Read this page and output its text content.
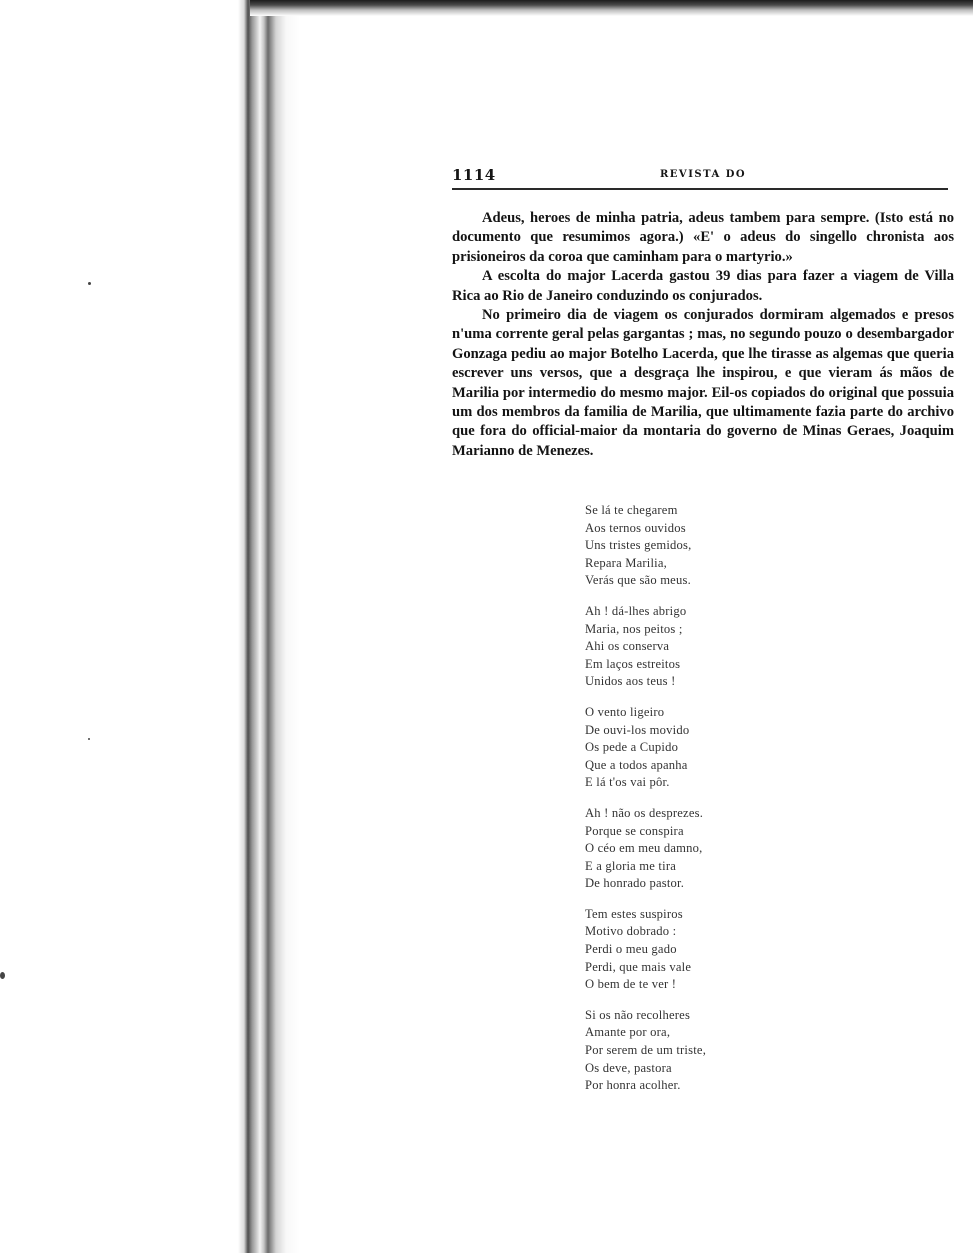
1114	REVISTA DO

Adeus, heroes de minha patria, adeus tambem para sempre. (Isto está no documento que resumimos agora.) «E' o adeus do singello chronista aos prisioneiros da coroa que caminham para o martyrio.»

A escolta do major Lacerda gastou 39 dias para fazer a viagem de Villa Rica ao Rio de Janeiro conduzindo os conjurados.

No primeiro dia de viagem os conjurados dormiram algemados e presos n'uma corrente geral pelas gargantas ; mas, no segundo pouzo o desembargador Gonzaga pediu ao major Botelho Lacerda, que lhe tirasse as algemas que queria escrever uns versos, que a desgraça lhe inspirou, e que vieram ás mãos de Marilia por intermedio do mesmo major. Eil-os copiados do original que possuia um dos membros da familia de Marilia, que ultimamente fazia parte do archivo que fora do official-maior da montaria do governo de Minas Geraes, Joaquim Marianno de Menezes.

Se lá te chegarem
Aos ternos ouvidos
Uns tristes gemidos,
Repara Marilia,
Verás que são meus.
Ah ! dá-lhes abrigo
Maria, nos peitos ;
Ahi os conserva
Em laços estreitos
Unidos aos teus !
O vento ligeiro
De ouvi-los movido
Os pede a Cupido
Que a todos apanha
E lá t'os vai pôr.
Ah ! não os desprezes.
Porque se conspira
O céo em meu damno,
E a gloria me tira
De honrado pastor.
Tem estes suspiros
Motivo dobrado :
Perdi o meu gado
Perdi, que mais vale
O bem de te ver !
Si os não recolheres
Amante por ora,
Por serem de um triste,
Os deve, pastora
Por honra acolher.
